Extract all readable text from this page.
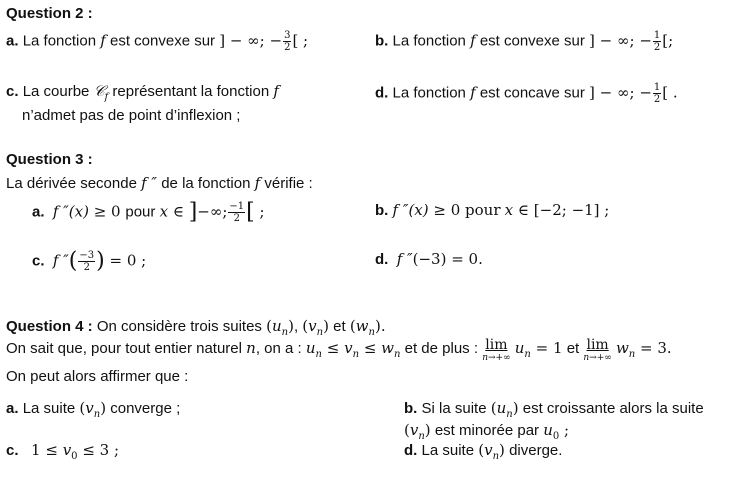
Question 2 :
a. La fonction f est convexe sur ] − ∞; − $\frac{3}{2}$ [ ;	b. La fonction f est convexe sur ] − ∞; − $\frac{1}{2}$ [;
c. La courbe 𝒞$_f$ représentant la fonction f
n’admet pas de point d’inflexion ;
d. La fonction f est concave sur ] − ∞; − $\frac{1}{2}$ [ .
Question 3 :
La dérivée seconde f ″ de la fonction f vérifie :
a. f ″(x) ≥ 0 pour x ∈ ]−∞; $\frac{-1}{2}$ [ ;	b. f ″(x) ≥ 0 pour x ∈ [−2; −1] ;
c. f ″( $\frac{-3}{2}$ ) = 0 ;	d. f ″(−3) = 0.
Question 4 : On considère trois suites $(u_n)$, $(v_n)$ et $(w_n)$.
On sait que, pour tout entier naturel n, on a : $u_n \le v_n \le w_n$ et de plus : lim
n→+∞
$u_n = 1$ et lim
n→+∞
$w_n = 3$.
On peut alors affirmer que :
a. La suite $(v_n)$ converge ;	b. Si la suite $(u_n)$ est croissante alors la suite
$(v_n)$ est minorée par $u_0$ ;
c. $1 \le v_0 \le 3$ ;	d. La suite $(v_n)$ diverge.
